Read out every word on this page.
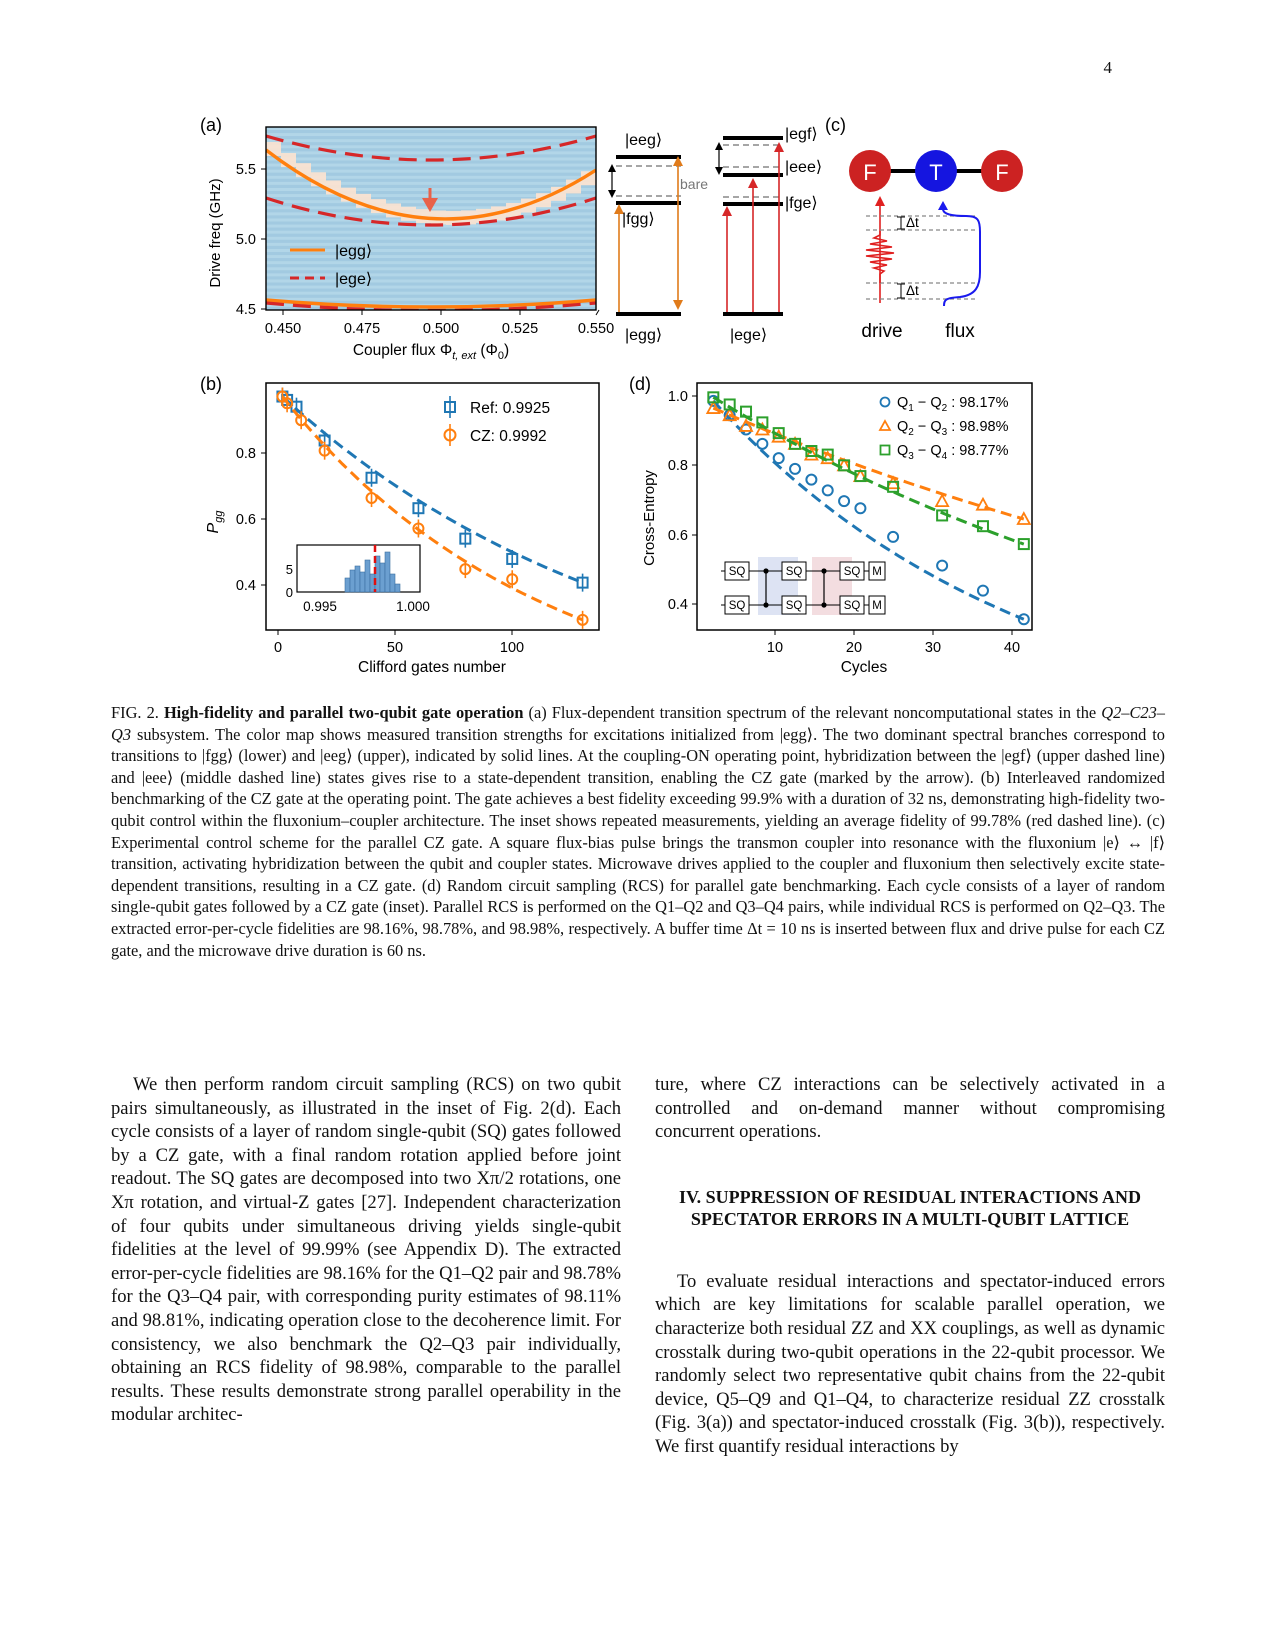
4
(a)
|egg⟩
|ege⟩
0.450	0.475	0.500	0.525	0.550
5.5
5.0
4.5
Coupler flux $\Phi_{t, ext}$ $(\Phi_0)$
Drive freq (GHz)
|eeg⟩
|fgg⟩
bare
|egg⟩
|egf⟩
|eee⟩
|fge⟩
|ege⟩
(c)
F T F
Δt
Δt
drive flux
(b)
0	50	100
0.8
0.6
0.4
Clifford gates number
$P_{gg}$
Ref: 0.9925
CZ: 0.9992
5
0
0.995	1.000
(d)
10	20	30	40
1.0
0.8
0.6
0.4
Cycles
Cross-Entropy
$Q_1 - Q_2$ : 98.17%
$Q_2 - Q_3$ : 98.98%
$Q_3 - Q_4$ : 98.77%
SQ
SQ
SQ
SQ
SQ
SQ
M
M
FIG. 2. High-fidelity and parallel two-qubit gate operation (a) Flux-dependent transition spectrum of the relevant noncomputational states in the Q2–C23–Q3 subsystem. The color map shows measured transition strengths for excitations initialized from |egg⟩. The two dominant spectral branches correspond to transitions to |fgg⟩ (lower) and |eeg⟩ (upper), indicated by solid lines. At the coupling-ON operating point, hybridization between the |egf⟩ (upper dashed line) and |eee⟩ (middle dashed line) states gives rise to a state-dependent transition, enabling the CZ gate (marked by the arrow). (b) Interleaved randomized benchmarking of the CZ gate at the operating point. The gate achieves a best fidelity exceeding 99.9% with a duration of 32 ns, demonstrating high-fidelity two-qubit control within the fluxonium–coupler architecture. The inset shows repeated measurements, yielding an average fidelity of 99.78% (red dashed line). (c) Experimental control scheme for the parallel CZ gate. A square flux-bias pulse brings the transmon coupler into resonance with the fluxonium |e⟩ ↔ |f⟩ transition, activating hybridization between the qubit and coupler states. Microwave drives applied to the coupler and fluxonium then selectively excite state-dependent transitions, resulting in a CZ gate. (d) Random circuit sampling (RCS) for parallel gate benchmarking. Each cycle consists of a layer of random single-qubit gates followed by a CZ gate (inset). Parallel RCS is performed on the Q1–Q2 and Q3–Q4 pairs, while individual RCS is performed on Q2–Q3. The extracted error-per-cycle fidelities are 98.16%, 98.78%, and 98.98%, respectively. A buffer time Δt = 10 ns is inserted between flux and drive pulse for each CZ gate, and the microwave drive duration is 60 ns.

We then perform random circuit sampling (RCS) on two qubit pairs simultaneously, as illustrated in the inset of Fig. 2(d). Each cycle consists of a layer of random single-qubit (SQ) gates followed by a CZ gate, with a final random rotation applied before joint readout. The SQ gates are decomposed into two Xπ/2 rotations, one Xπ rotation, and virtual-Z gates [27]. Independent characterization of four qubits under simultaneous driving yields single-qubit fidelities at the level of 99.99% (see Appendix D). The extracted error-per-cycle fidelities are 98.16% for the Q1–Q2 pair and 98.78% for the Q3–Q4 pair, with corresponding purity estimates of 98.11% and 98.81%, indicating operation close to the decoherence limit. For consistency, we also benchmark the Q2–Q3 pair individually, obtaining an RCS fidelity of 98.98%, comparable to the parallel results. These results demonstrate strong parallel operability in the modular architec-

ture, where CZ interactions can be selectively activated in a controlled and on-demand manner without compromising concurrent operations.

IV. SUPPRESSION OF RESIDUAL INTERACTIONS AND SPECTATOR ERRORS IN A MULTI-QUBIT LATTICE

To evaluate residual interactions and spectator-induced errors which are key limitations for scalable parallel operation, we characterize both residual ZZ and XX couplings, as well as dynamic crosstalk during two-qubit operations in the 22-qubit processor. We randomly select two representative qubit chains from the 22-qubit device, Q5–Q9 and Q1–Q4, to characterize residual ZZ crosstalk (Fig. 3(a)) and spectator-induced crosstalk (Fig. 3(b)), respectively. We first quantify residual interactions by
